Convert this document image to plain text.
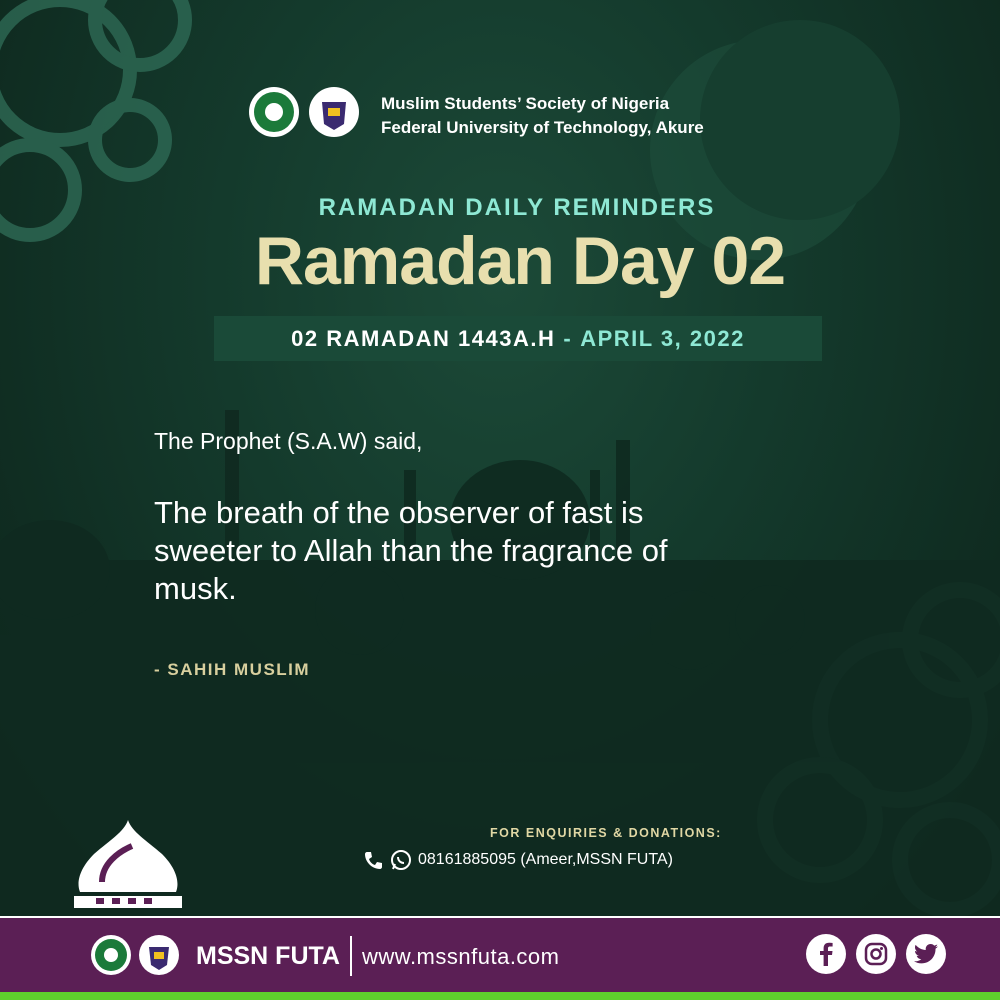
Muslim Students’ Society of Nigeria
Federal University of Technology, Akure
RAMADAN DAILY REMINDERS
Ramadan Day 02
02 RAMADAN 1443A.H - APRIL 3, 2022
The Prophet (S.A.W) said,
The breath of the observer of fast is sweeter to Allah than the fragrance of musk.
- SAHIH MUSLIM
FOR ENQUIRIES & DONATIONS:
08161885095 (Ameer,MSSN FUTA)
MSSN FUTA www.mssnfuta.com
